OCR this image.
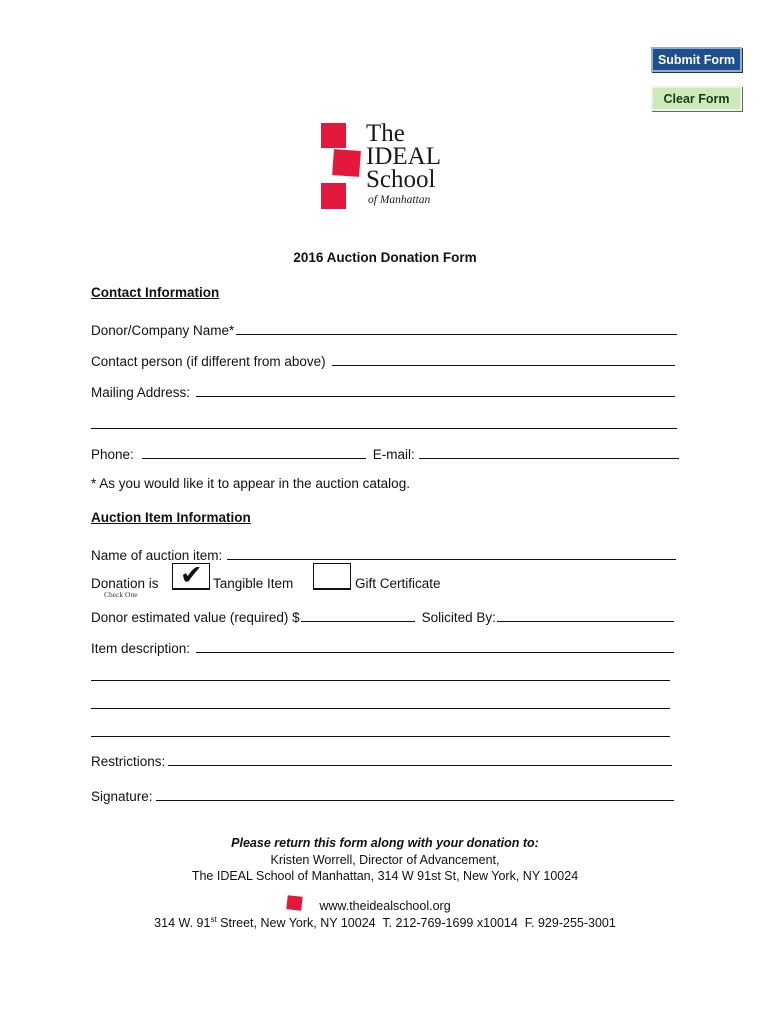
Submit Form
Clear Form
The
IDEAL
School
of Manhattan
2016 Auction Donation Form
Contact Information
Donor/Company Name*
Contact person (if different from above)
Mailing Address:
Phone:	E-mail:
* As you would like it to appear in the auction catalog.
Auction Item Information
Name of auction item:
Donation is
Check One
✔ Tangible Item	Gift Certificate
Donor estimated value (required) $	Solicited By:
Item description:
Restrictions:
Signature:
Please return this form along with your donation to:
Kristen Worrell, Director of Advancement,
The IDEAL School of Manhattan, 314 W 91st St, New York, NY 10024
www.theidealschool.org
314 W. 91st Street, New York, NY 10024  T. 212-769-1699 x10014  F. 929-255-3001
